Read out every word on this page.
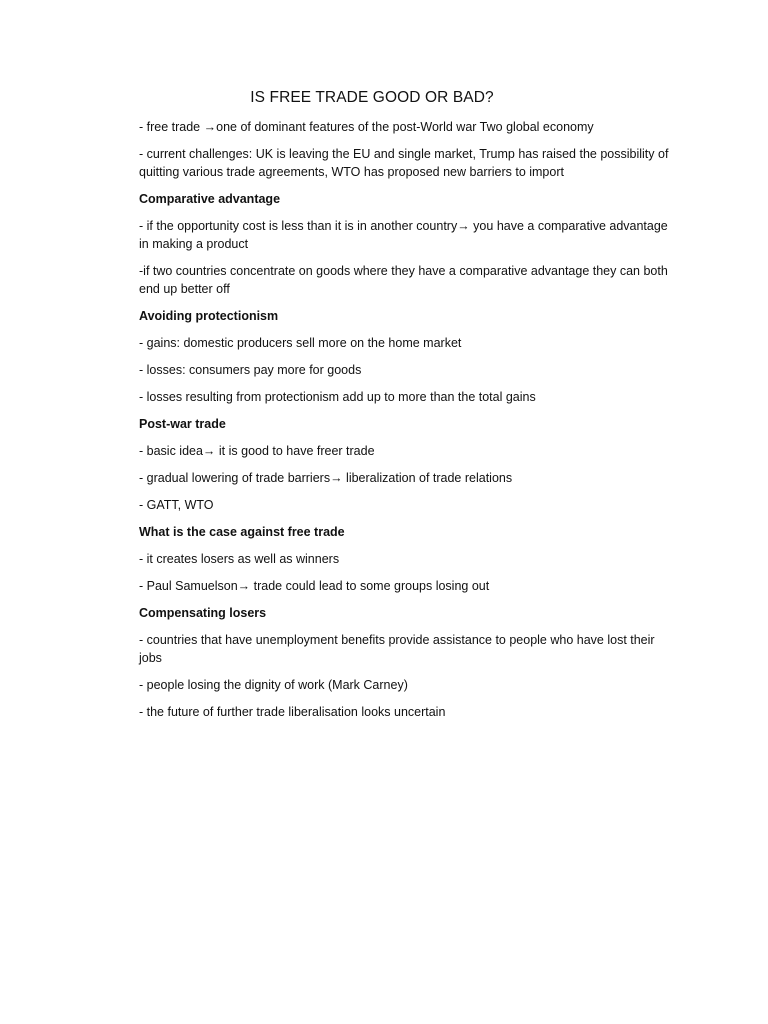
IS FREE TRADE GOOD OR BAD?

- free trade →one of dominant features of the post-World war Two global economy

- current challenges: UK is leaving the EU and single market, Trump has raised the possibility of quitting various trade agreements, WTO has proposed new barriers to import

Comparative advantage

- if the opportunity cost is less than it is in another country→ you have a comparative advantage in making a product

-if two countries concentrate on goods where they have a comparative advantage they can both end up better off

Avoiding protectionism

- gains: domestic producers sell more on the home market

- losses: consumers pay more for goods

- losses resulting from protectionism add up to more than the total gains

Post-war trade

- basic idea→ it is good to have freer trade

- gradual lowering of trade barriers→ liberalization of trade relations

- GATT, WTO

What is the case against free trade

- it creates losers as well as winners

- Paul Samuelson→ trade could lead to some groups losing out

Compensating losers

- countries that have unemployment benefits provide assistance to people who have lost their jobs

- people losing the dignity of work (Mark Carney)

- the future of further trade liberalisation looks uncertain
